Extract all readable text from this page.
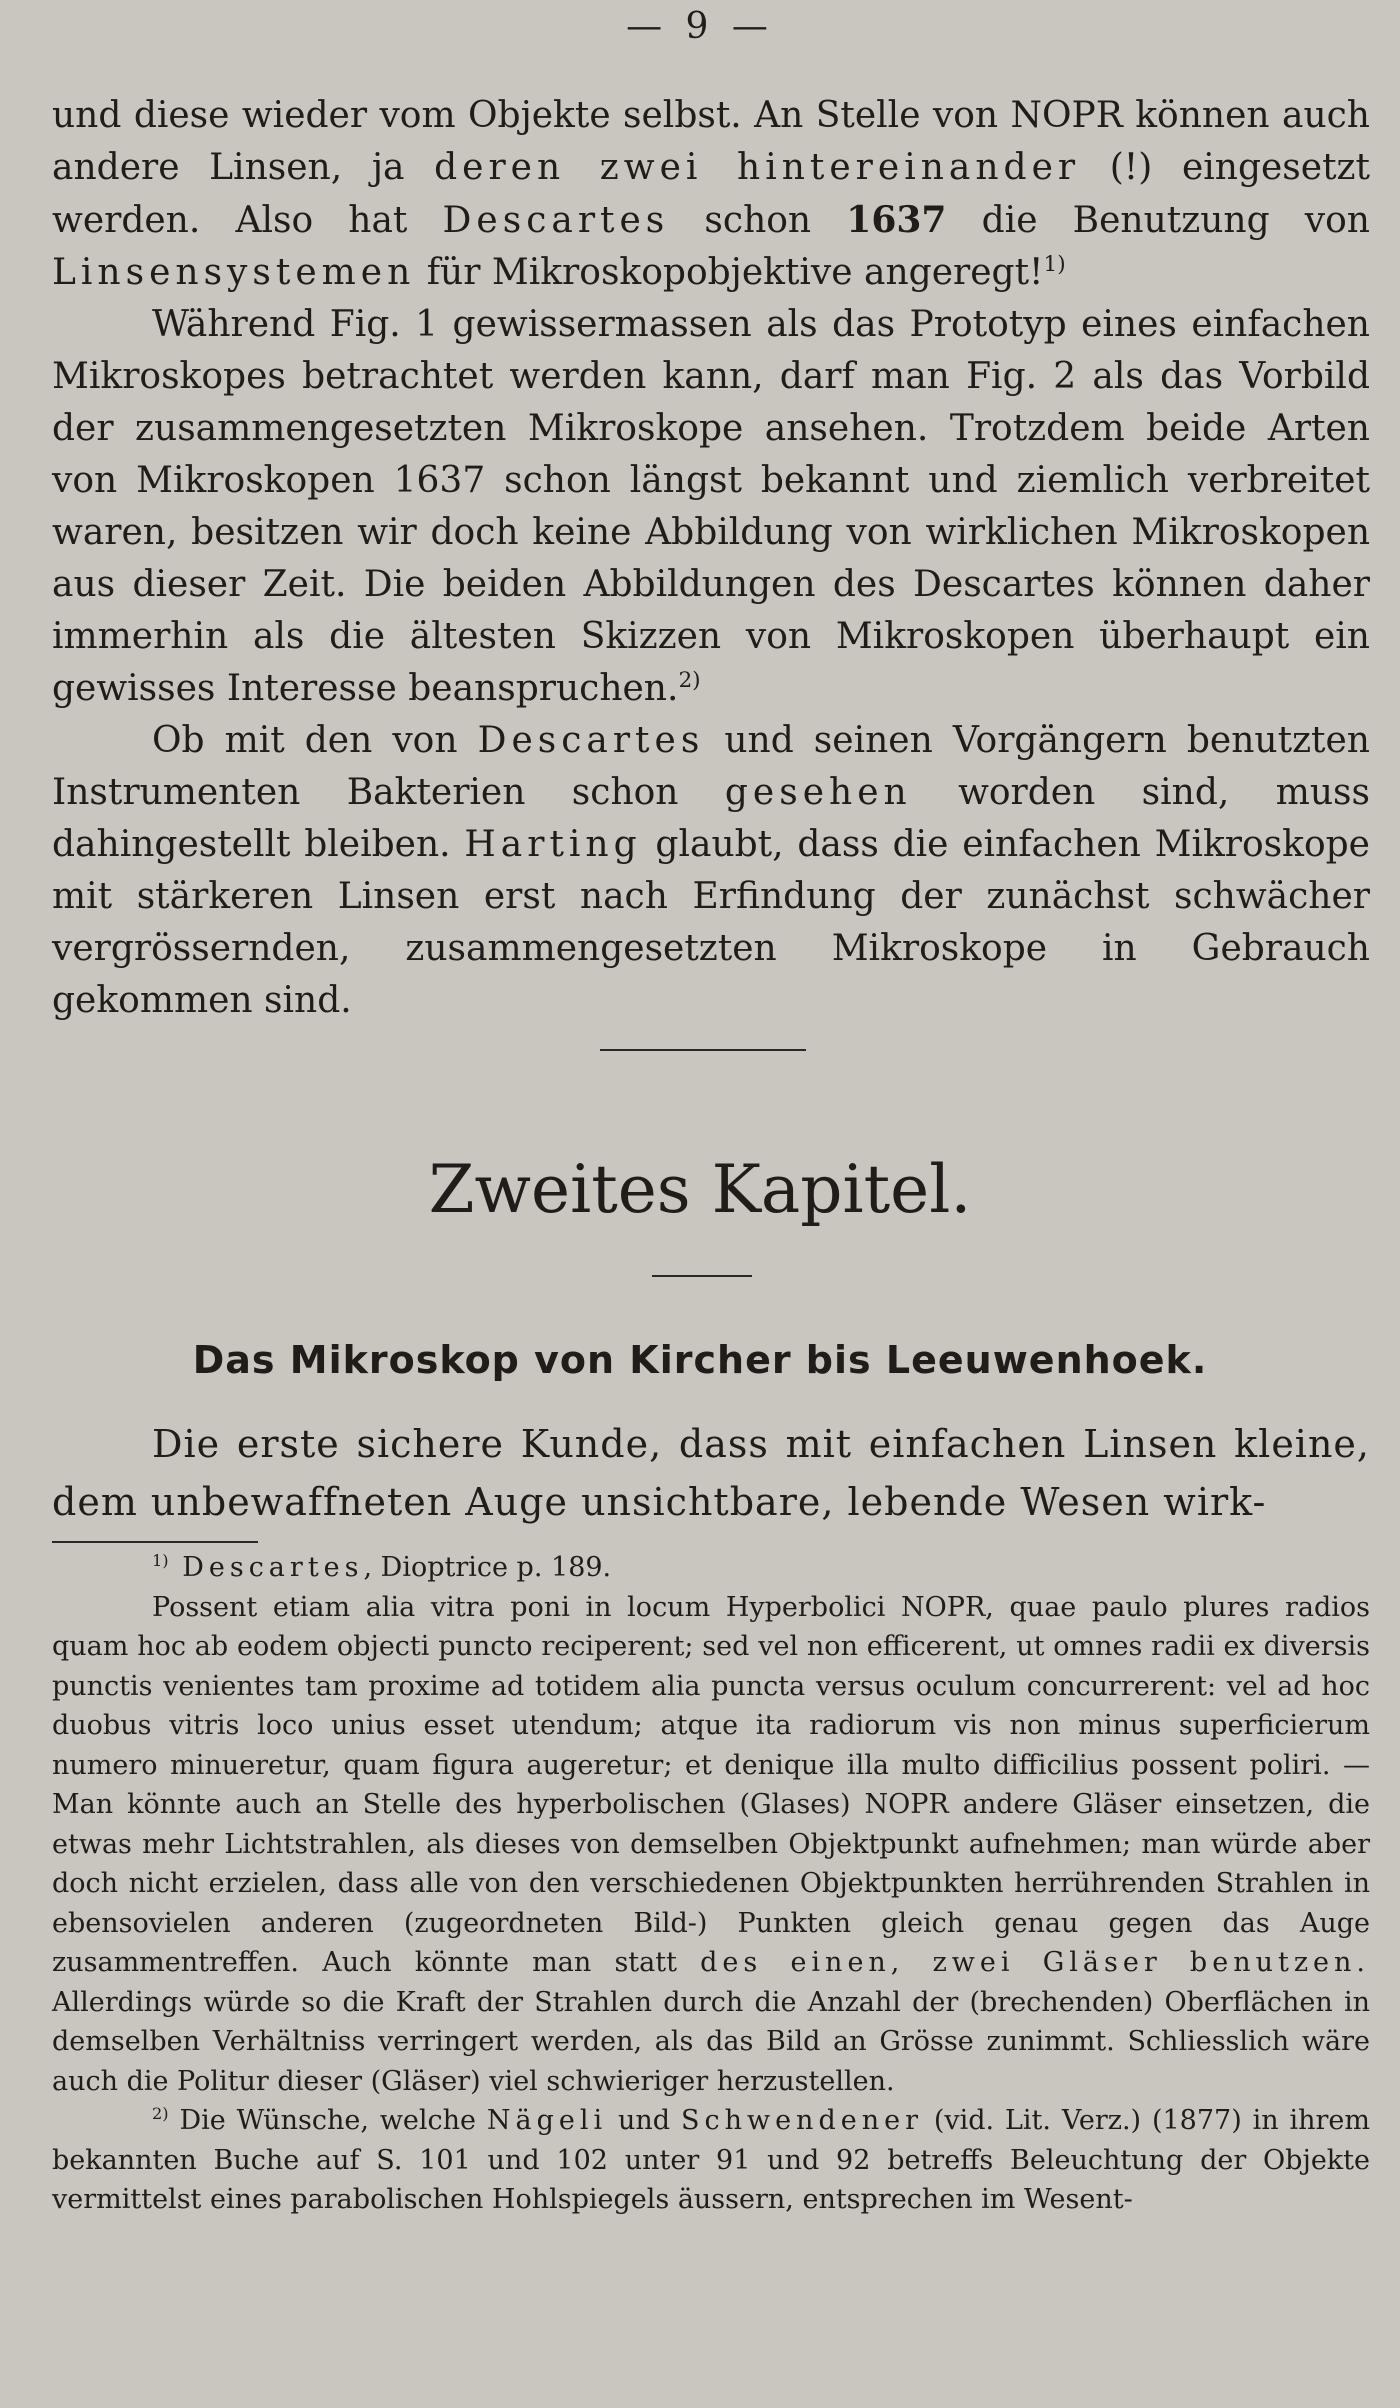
— 9 —

und diese wieder vom Objekte selbst. An Stelle von NOPR können auch andere Linsen, ja deren zwei hintereinander (!) eingesetzt werden. Also hat Descartes schon 1637 die Benutzung von Linsensystemen für Mikroskopobjektive angeregt!$^{1)}$

Während Fig. 1 gewissermassen als das Prototyp eines einfachen Mikroskopes betrachtet werden kann, darf man Fig. 2 als das Vorbild der zusammengesetzten Mikroskope ansehen. Trotzdem beide Arten von Mikroskopen 1637 schon längst bekannt und ziemlich verbreitet waren, besitzen wir doch keine Abbildung von wirklichen Mikroskopen aus dieser Zeit. Die beiden Abbildungen des Descartes können daher immerhin als die ältesten Skizzen von Mikroskopen überhaupt ein gewisses Interesse beanspruchen.$^{2)}$

Ob mit den von Descartes und seinen Vorgängern benutzten Instrumenten Bakterien schon gesehen worden sind, muss dahingestellt bleiben. Harting glaubt, dass die einfachen Mikroskope mit stärkeren Linsen erst nach Erfindung der zunächst schwächer vergrössernden, zusammengesetzten Mikroskope in Gebrauch gekommen sind.

Zweites Kapitel.
Das Mikroskop von Kircher bis Leeuwenhoek.

Die erste sichere Kunde, dass mit einfachen Linsen kleine, dem unbewaffneten Auge unsichtbare, lebende Wesen wirk-

$^{1)}$ Descartes, Dioptrice p. 189.

Possent etiam alia vitra poni in locum Hyperbolici NOPR, quae paulo plures radios quam hoc ab eodem objecti puncto reciperent; sed vel non efficerent, ut omnes radii ex diversis punctis venientes tam proxime ad totidem alia puncta versus oculum concurrerent: vel ad hoc duobus vitris loco unius esset utendum; atque ita radiorum vis non minus superficierum numero minueretur, quam figura augeretur; et denique illa multo difficilius possent poliri. — Man könnte auch an Stelle des hyperbolischen (Glases) NOPR andere Gläser einsetzen, die etwas mehr Lichtstrahlen, als dieses von demselben Objektpunkt aufnehmen; man würde aber doch nicht erzielen, dass alle von den verschiedenen Objektpunkten herrührenden Strahlen in ebensovielen anderen (zugeordneten Bild-) Punkten gleich genau gegen das Auge zusammentreffen. Auch könnte man statt des einen, zwei Gläser benutzen. Allerdings würde so die Kraft der Strahlen durch die Anzahl der (brechenden) Oberflächen in demselben Verhältniss verringert werden, als das Bild an Grösse zunimmt. Schliesslich wäre auch die Politur dieser (Gläser) viel schwieriger herzustellen.

$^{2)}$ Die Wünsche, welche Nägeli und Schwendener (vid. Lit. Verz.) (1877) in ihrem bekannten Buche auf S. 101 und 102 unter 91 und 92 betreffs Beleuchtung der Objekte vermittelst eines parabolischen Hohlspiegels äussern, entsprechen im Wesent-
